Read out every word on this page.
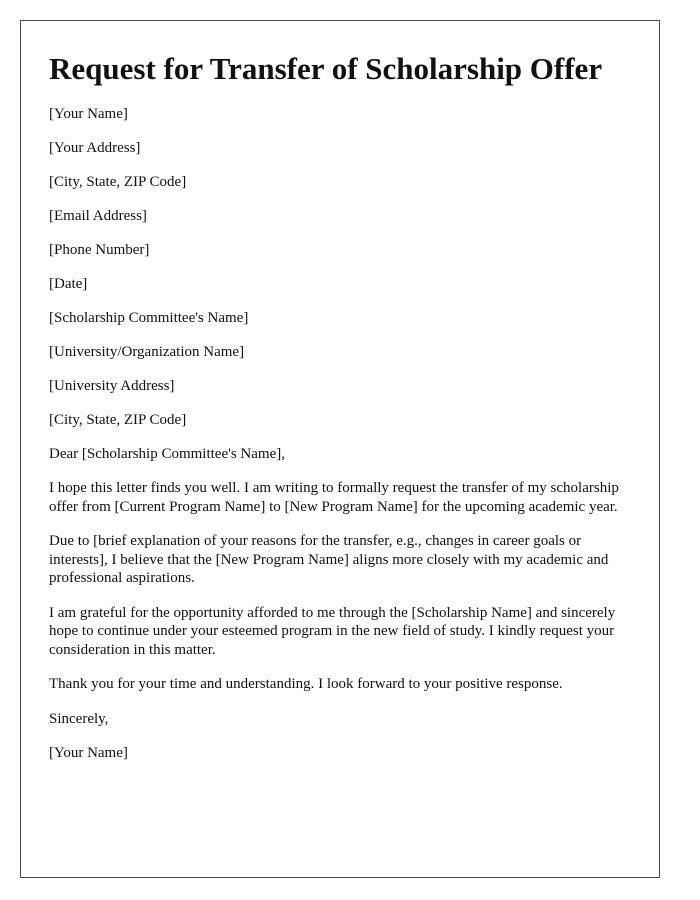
Request for Transfer of Scholarship Offer

[Your Name]

[Your Address]

[City, State, ZIP Code]

[Email Address]

[Phone Number]

[Date]

[Scholarship Committee's Name]

[University/Organization Name]

[University Address]

[City, State, ZIP Code]

Dear [Scholarship Committee's Name],

I hope this letter finds you well. I am writing to formally request the transfer of my scholarship offer from [Current Program Name] to [New Program Name] for the upcoming academic year.

Due to [brief explanation of your reasons for the transfer, e.g., changes in career goals or interests], I believe that the [New Program Name] aligns more closely with my academic and professional aspirations.

I am grateful for the opportunity afforded to me through the [Scholarship Name] and sincerely hope to continue under your esteemed program in the new field of study. I kindly request your consideration in this matter.

Thank you for your time and understanding. I look forward to your positive response.

Sincerely,

[Your Name]
